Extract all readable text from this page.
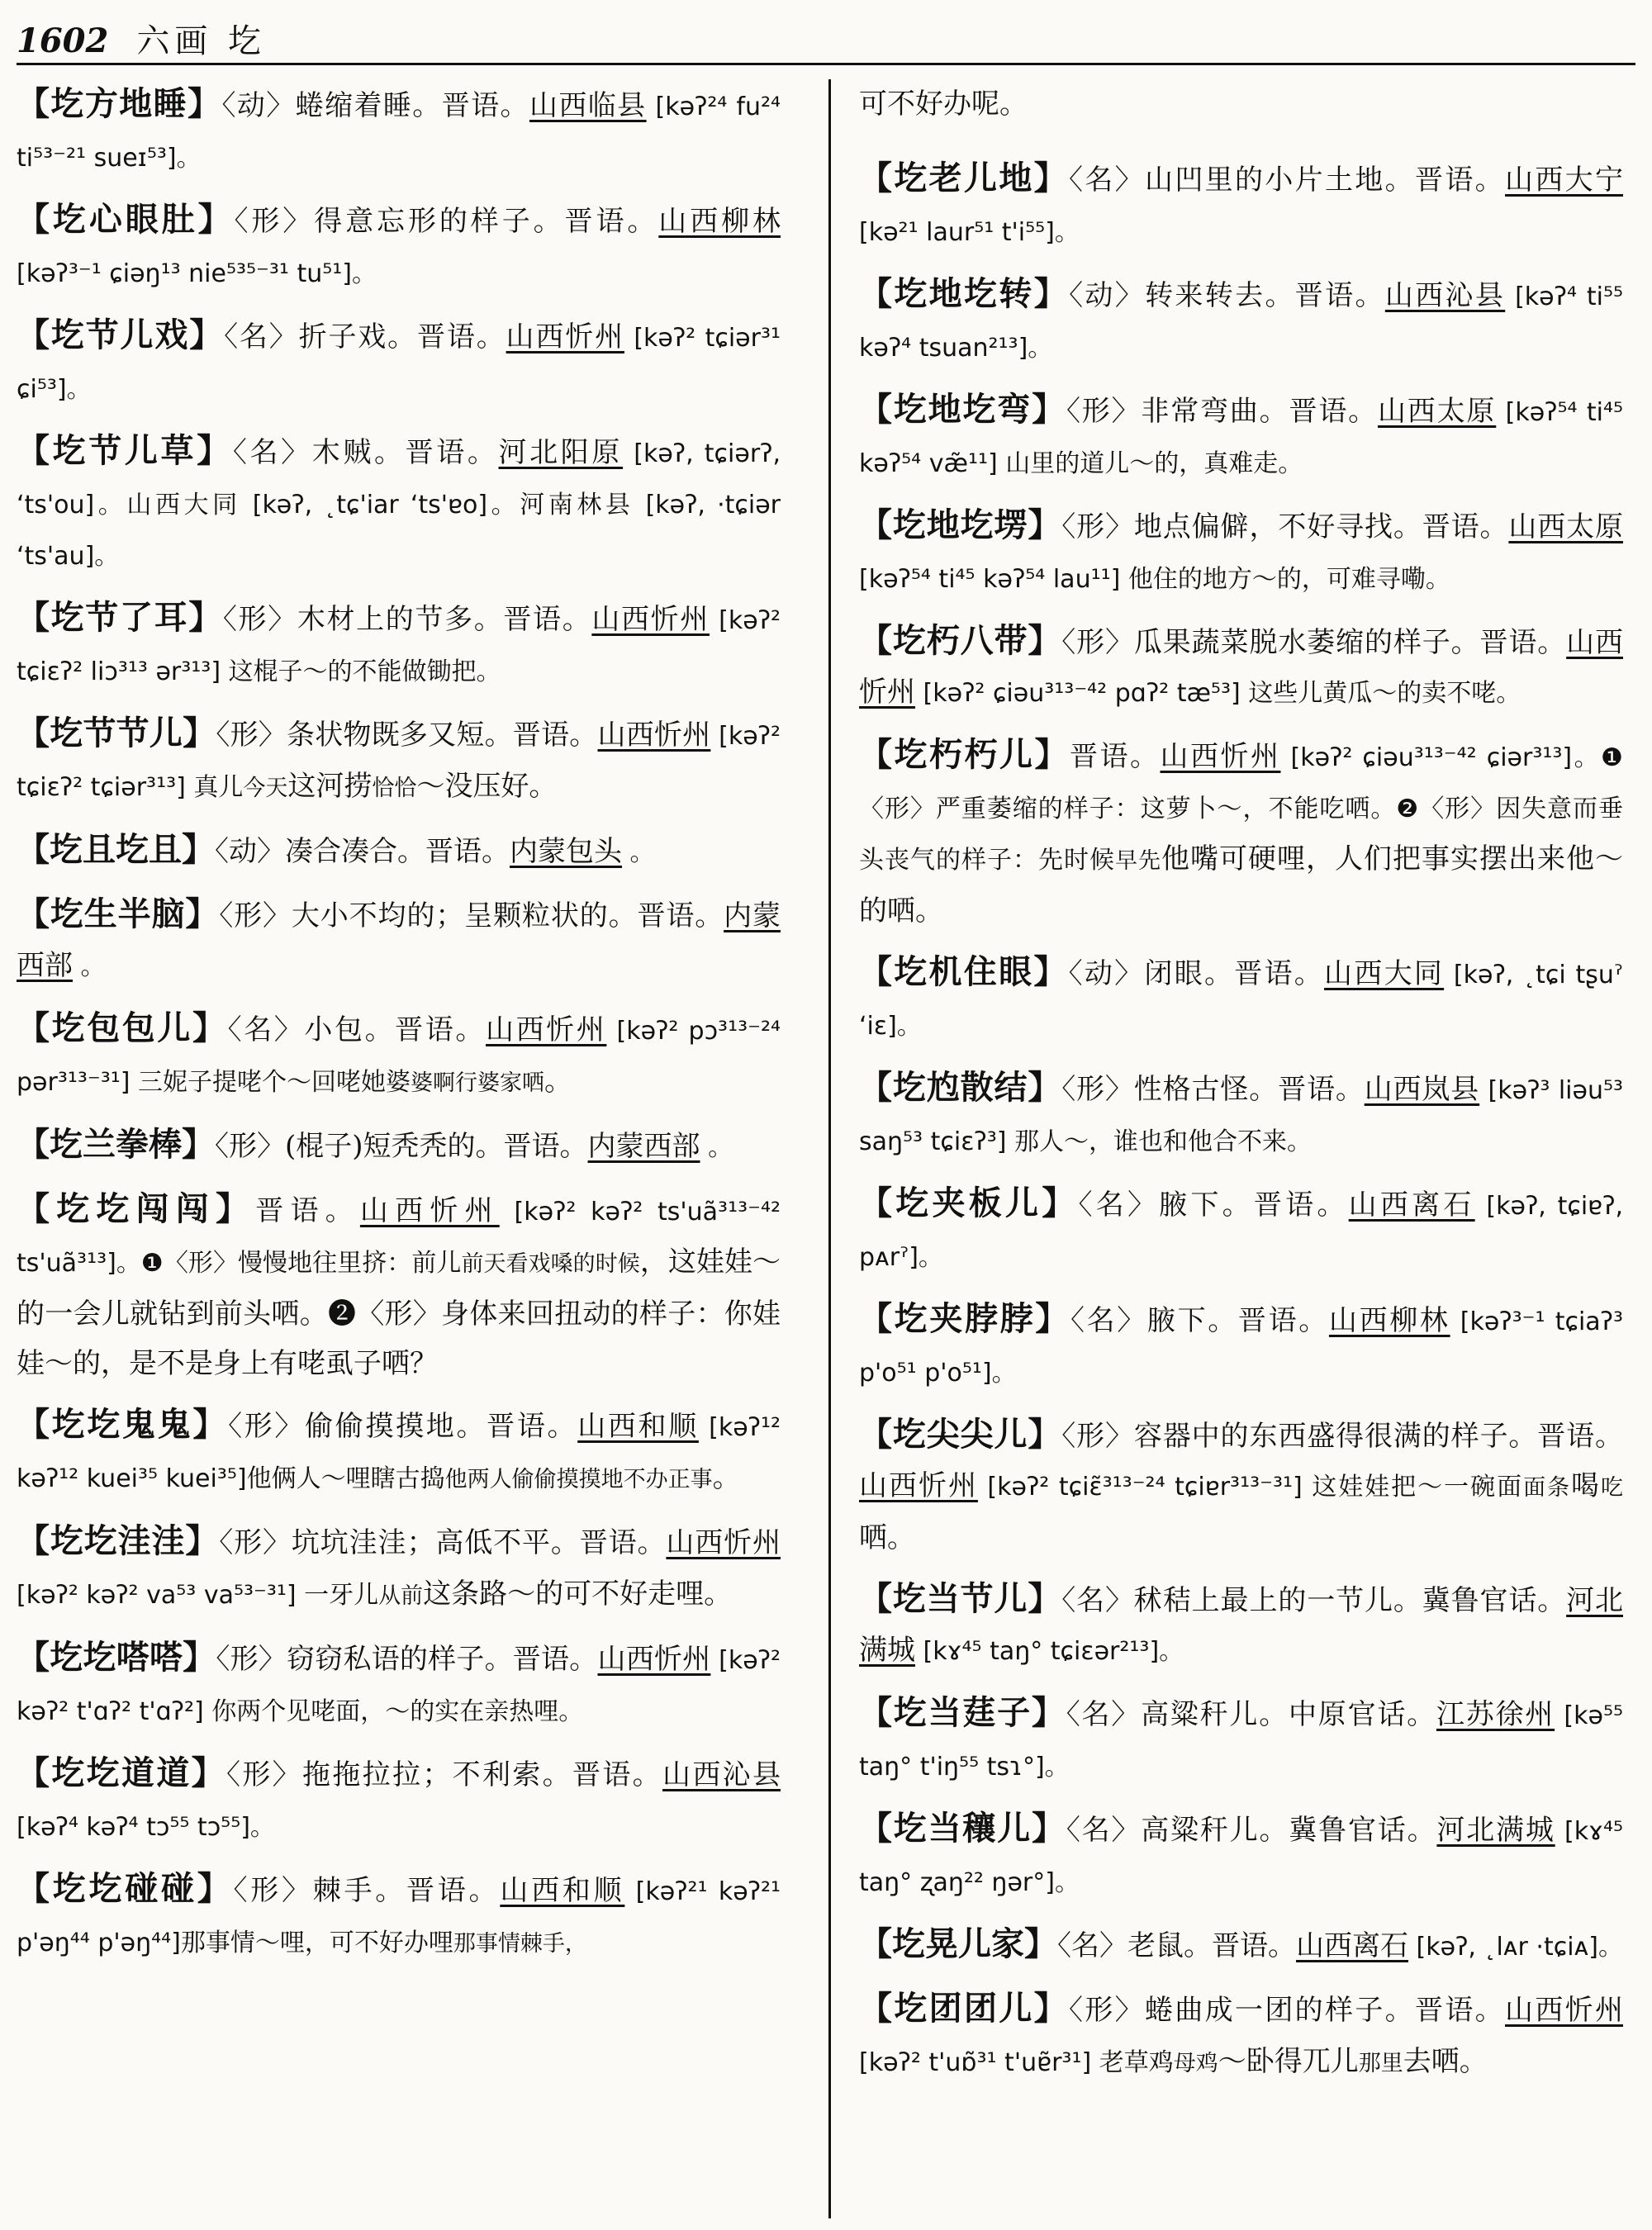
1602 六画 圪
【圪方地睡】〈动〉蜷缩着睡。晋语。山西临县 [kəʔ²⁴ fu²⁴ ti⁵³⁻²¹ sueɪ⁵³]。
【圪心眼肚】〈形〉得意忘形的样子。晋语。山西柳林 [kəʔ³⁻¹ ɕiəŋ¹³ nie⁵³⁵⁻³¹ tu⁵¹]。
【圪节儿戏】〈名〉折子戏。晋语。山西忻州 [kəʔ² tɕiər³¹ ɕi⁵³]。
【圪节儿草】〈名〉木贼。晋语。河北阳原 [kəʔ, tɕiərʔ, ʻts'ou]。山西大同 [kəʔ, ˛tɕ'iar ʻts'ɐo]。河南林县 [kəʔ, ·tɕiər ʻts'au]。
【圪节了耳】〈形〉木材上的节多。晋语。山西忻州 [kəʔ² tɕiɛʔ² liɔ³¹³ ər³¹³] 这棍子～的不能做锄把。
【圪节节儿】〈形〉条状物既多又短。晋语。山西忻州 [kəʔ² tɕiɛʔ² tɕiər³¹³] 真儿今天这河捞恰恰～没压好。
【圪且圪且】〈动〉凑合凑合。晋语。内蒙包头 。
【圪生半脑】〈形〉大小不均的；呈颗粒状的。晋语。内蒙西部 。
【圪包包儿】〈名〉小包。晋语。山西忻州 [kəʔ² pɔ³¹³⁻²⁴ pər³¹³⁻³¹] 三妮子提咾个～回咾她婆婆啊行婆家哂。
【圪兰拳棒】〈形〉(棍子)短秃秃的。晋语。内蒙西部 。
【圪圪闯闯】晋语。山西忻州 [kəʔ² kəʔ² ts'uã³¹³⁻⁴² ts'uã³¹³]。❶〈形〉慢慢地往里挤：前儿前天看戏嗓的时候，这娃娃～的一会儿就钻到前头哂。❷〈形〉身体来回扭动的样子：你娃娃～的，是不是身上有咾虱子哂？
【圪圪鬼鬼】〈形〉偷偷摸摸地。晋语。山西和顺 [kəʔ¹² kəʔ¹² kuei³⁵ kuei³⁵]他俩人～哩瞎古捣他两人偷偷摸摸地不办正事。
【圪圪洼洼】〈形〉坑坑洼洼；高低不平。晋语。山西忻州 [kəʔ² kəʔ² va⁵³ va⁵³⁻³¹] 一牙儿从前这条路～的可不好走哩。
【圪圪嗒嗒】〈形〉窃窃私语的样子。晋语。山西忻州 [kəʔ² kəʔ² t'ɑʔ² t'ɑʔ²] 你两个见咾面，～的实在亲热哩。
【圪圪道道】〈形〉拖拖拉拉；不利索。晋语。山西沁县 [kəʔ⁴ kəʔ⁴ tɔ⁵⁵ tɔ⁵⁵]。
【圪圪碰碰】〈形〉棘手。晋语。山西和顺 [kəʔ²¹ kəʔ²¹ p'əŋ⁴⁴ p'əŋ⁴⁴]那事情～哩，可不好办哩那事情棘手，
可不好办呢。
【圪老儿地】〈名〉山凹里的小片土地。晋语。山西大宁 [kə²¹ laur⁵¹ t'i⁵⁵]。
【圪地圪转】〈动〉转来转去。晋语。山西沁县 [kəʔ⁴ ti⁵⁵ kəʔ⁴ tsuan²¹³]。
【圪地圪弯】〈形〉非常弯曲。晋语。山西太原 [kəʔ⁵⁴ ti⁴⁵ kəʔ⁵⁴ væ̃¹¹] 山里的道儿～的，真难走。
【圪地圪塄】〈形〉地点偏僻，不好寻找。晋语。山西太原 [kəʔ⁵⁴ ti⁴⁵ kəʔ⁵⁴ lau¹¹] 他住的地方～的，可难寻嘞。
【圪朽八带】〈形〉瓜果蔬菜脱水萎缩的样子。晋语。山西忻州 [kəʔ² ɕiəu³¹³⁻⁴² pɑʔ² tæ⁵³] 这些儿黄瓜～的卖不咾。
【圪朽朽儿】晋语。山西忻州 [kəʔ² ɕiəu³¹³⁻⁴² ɕiər³¹³]。❶〈形〉严重萎缩的样子：这萝卜～，不能吃哂。❷〈形〉因失意而垂头丧气的样子：先时候早先他嘴可硬哩，人们把事实摆出来他～的哂。
【圪机住眼】〈动〉闭眼。晋语。山西大同 [kəʔ, ˛tɕi tʂuˀ ʻiɛ]。
【圪尥散结】〈形〉性格古怪。晋语。山西岚县 [kəʔ³ liəu⁵³ saŋ⁵³ tɕiɛʔ³] 那人～，谁也和他合不来。
【圪夹板儿】〈名〉腋下。晋语。山西离石 [kəʔ, tɕiɐʔ, pᴀrˀ]。
【圪夹脖脖】〈名〉腋下。晋语。山西柳林 [kəʔ³⁻¹ tɕiaʔ³ p'o⁵¹ p'o⁵¹]。
【圪尖尖儿】〈形〉容器中的东西盛得很满的样子。晋语。山西忻州 [kəʔ² tɕiɛ̃³¹³⁻²⁴ tɕiɐr³¹³⁻³¹] 这娃娃把～一碗面面条喝吃哂。
【圪当节儿】〈名〉秫秸上最上的一节儿。冀鲁官话。河北满城 [kɤ⁴⁵ taŋ° tɕiɛər²¹³]。
【圪当莛子】〈名〉高粱秆儿。中原官话。江苏徐州 [kə⁵⁵ taŋ° t'iŋ⁵⁵ tsɿ°]。
【圪当穰儿】〈名〉高粱秆儿。冀鲁官话。河北满城 [kɤ⁴⁵ taŋ° ʐaŋ²² ŋər°]。
【圪晃儿家】〈名〉老鼠。晋语。山西离石 [kəʔ, ˛lᴀr ·tɕiᴀ]。
【圪团团儿】〈形〉蜷曲成一团的样子。晋语。山西忻州 [kəʔ² t'uɒ̃³¹ t'uɐ̃r³¹] 老草鸡母鸡～卧得兀儿那里去哂。
